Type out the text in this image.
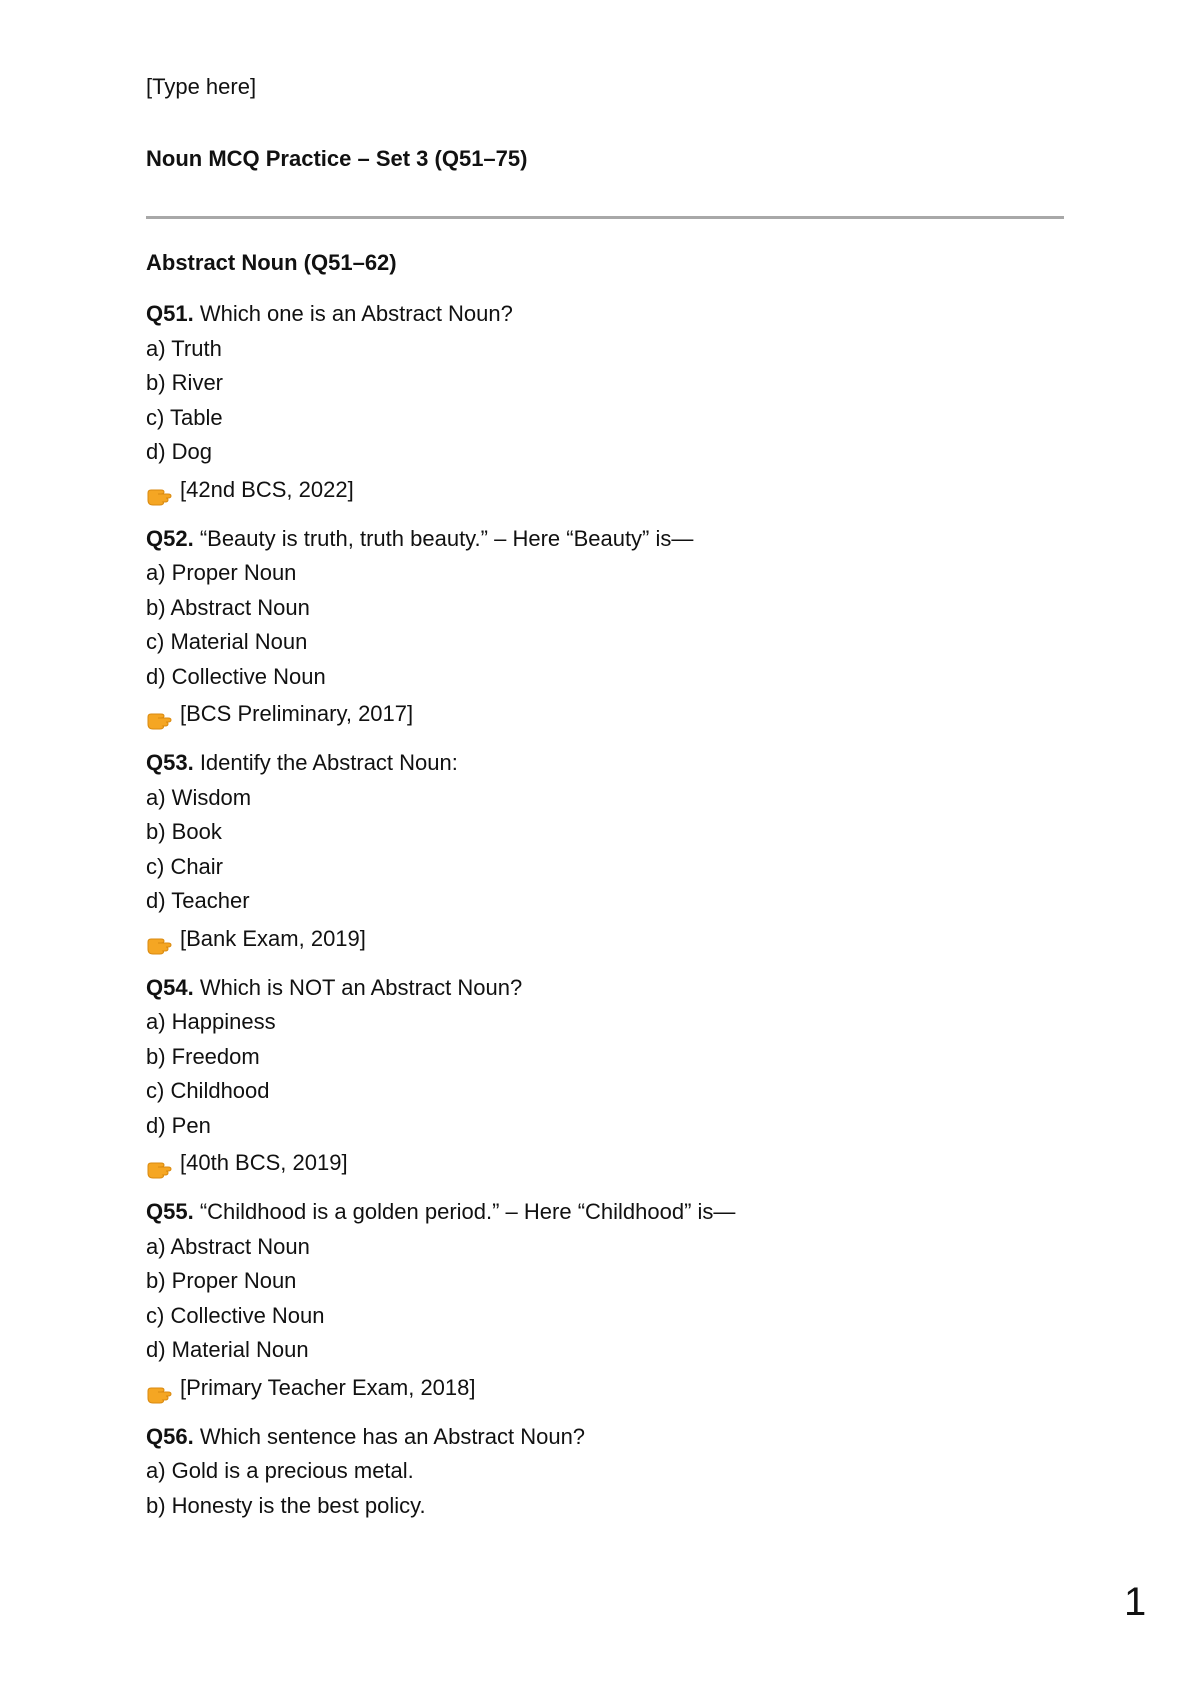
[Type here]
Noun MCQ Practice – Set 3 (Q51–75)
Abstract Noun (Q51–62)
Q51. Which one is an Abstract Noun?
a) Truth
b) River
c) Table
d) Dog
[42nd BCS, 2022]
Q52. “Beauty is truth, truth beauty.” – Here “Beauty” is—
a) Proper Noun
b) Abstract Noun
c) Material Noun
d) Collective Noun
[BCS Preliminary, 2017]
Q53. Identify the Abstract Noun:
a) Wisdom
b) Book
c) Chair
d) Teacher
[Bank Exam, 2019]
Q54. Which is NOT an Abstract Noun?
a) Happiness
b) Freedom
c) Childhood
d) Pen
[40th BCS, 2019]
Q55. “Childhood is a golden period.” – Here “Childhood” is—
a) Abstract Noun
b) Proper Noun
c) Collective Noun
d) Material Noun
[Primary Teacher Exam, 2018]
Q56. Which sentence has an Abstract Noun?
a) Gold is a precious metal.
b) Honesty is the best policy.
1
